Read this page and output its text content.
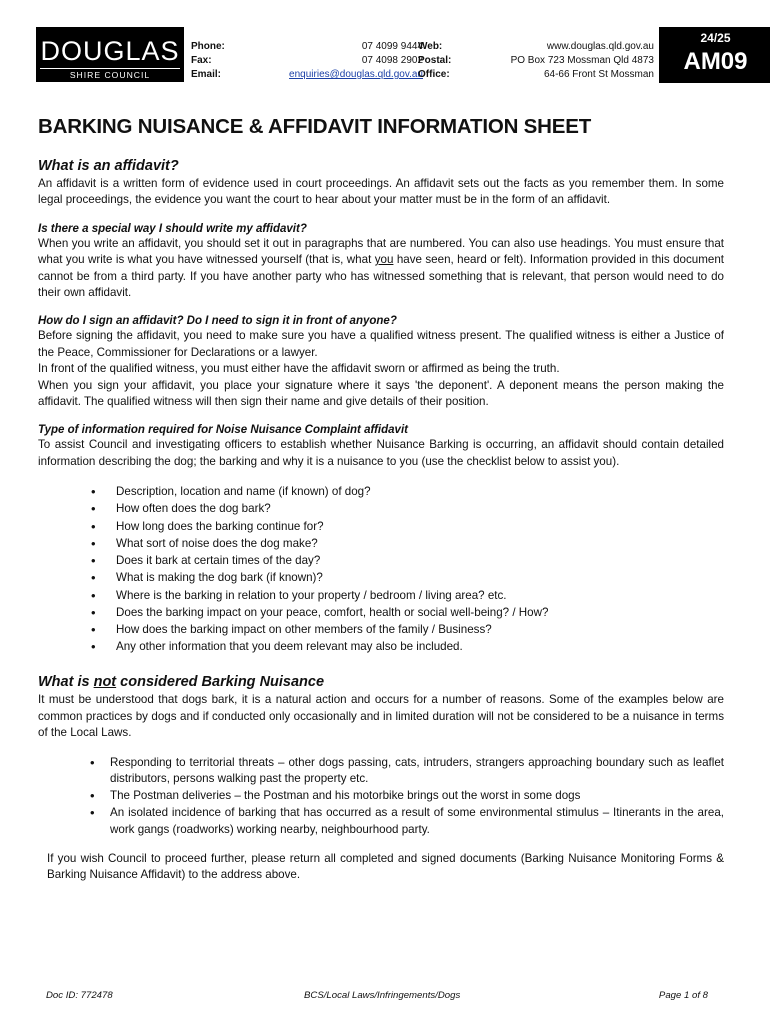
DOUGLAS
SHIRE COUNCIL
Phone:	07 4099 9444
Fax:	07 4098 2902
Email:	enquiries@douglas.qld.gov.au
Web:	www.douglas.qld.gov.au
Postal:	PO Box 723 Mossman Qld 4873
Office:	64-66 Front St Mossman
24/25
AM09
BARKING NUISANCE & AFFIDAVIT INFORMATION SHEET
What is an affidavit?

An affidavit is a written form of evidence used in court proceedings. An affidavit sets out the facts as you remember them. In some legal proceedings, the evidence you want the court to hear about your matter must be in the form of an affidavit.

Is there a special way I should write my affidavit?

When you write an affidavit, you should set it out in paragraphs that are numbered. You can also use headings. You must ensure that what you write is what you have witnessed yourself (that is, what you have seen, heard or felt). Information provided in this document cannot be from a third party. If you have another party who has witnessed something that is relevant, that person would need to do their own affidavit.

How do I sign an affidavit? Do I need to sign it in front of anyone?

Before signing the affidavit, you need to make sure you have a qualified witness present. The qualified witness is either a Justice of the Peace, Commissioner for Declarations or a lawyer.

In front of the qualified witness, you must either have the affidavit sworn or affirmed as being the truth.

When you sign your affidavit, you place your signature where it says 'the deponent'. A deponent means the person making the affidavit. The qualified witness will then sign their name and give details of their position.

Type of information required for Noise Nuisance Complaint affidavit

To assist Council and investigating officers to establish whether Nuisance Barking is occurring, an affidavit should contain detailed information describing the dog; the barking and why it is a nuisance to you (use the checklist below to assist you).

• Description, location and name (if known) of dog?
• How often does the dog bark?
• How long does the barking continue for?
• What sort of noise does the dog make?
• Does it bark at certain times of the day?
• What is making the dog bark (if known)?
• Where is the barking in relation to your property / bedroom / living area? etc.
• Does the barking impact on your peace, comfort, health or social well-being? / How?
• How does the barking impact on other members of the family / Business?
• Any other information that you deem relevant may also be included.
What is not considered Barking Nuisance

It must be understood that dogs bark, it is a natural action and occurs for a number of reasons. Some of the examples below are common practices by dogs and if conducted only occasionally and in limited duration will not be considered to be a nuisance in terms of the Local Laws.

• Responding to territorial threats – other dogs passing, cats, intruders, strangers approaching boundary such as leaflet distributors, persons walking past the property etc.
• The Postman deliveries – the Postman and his motorbike brings out the worst in some dogs
• An isolated incidence of barking that has occurred as a result of some environmental stimulus – Itinerants in the area, work gangs (roadworks) working nearby, neighbourhood party.

If you wish Council to proceed further, please return all completed and signed documents (Barking Nuisance Monitoring Forms & Barking Nuisance Affidavit) to the address above.

Doc ID: 772478	BCS/Local Laws/Infringements/Dogs	Page 1 of 8
